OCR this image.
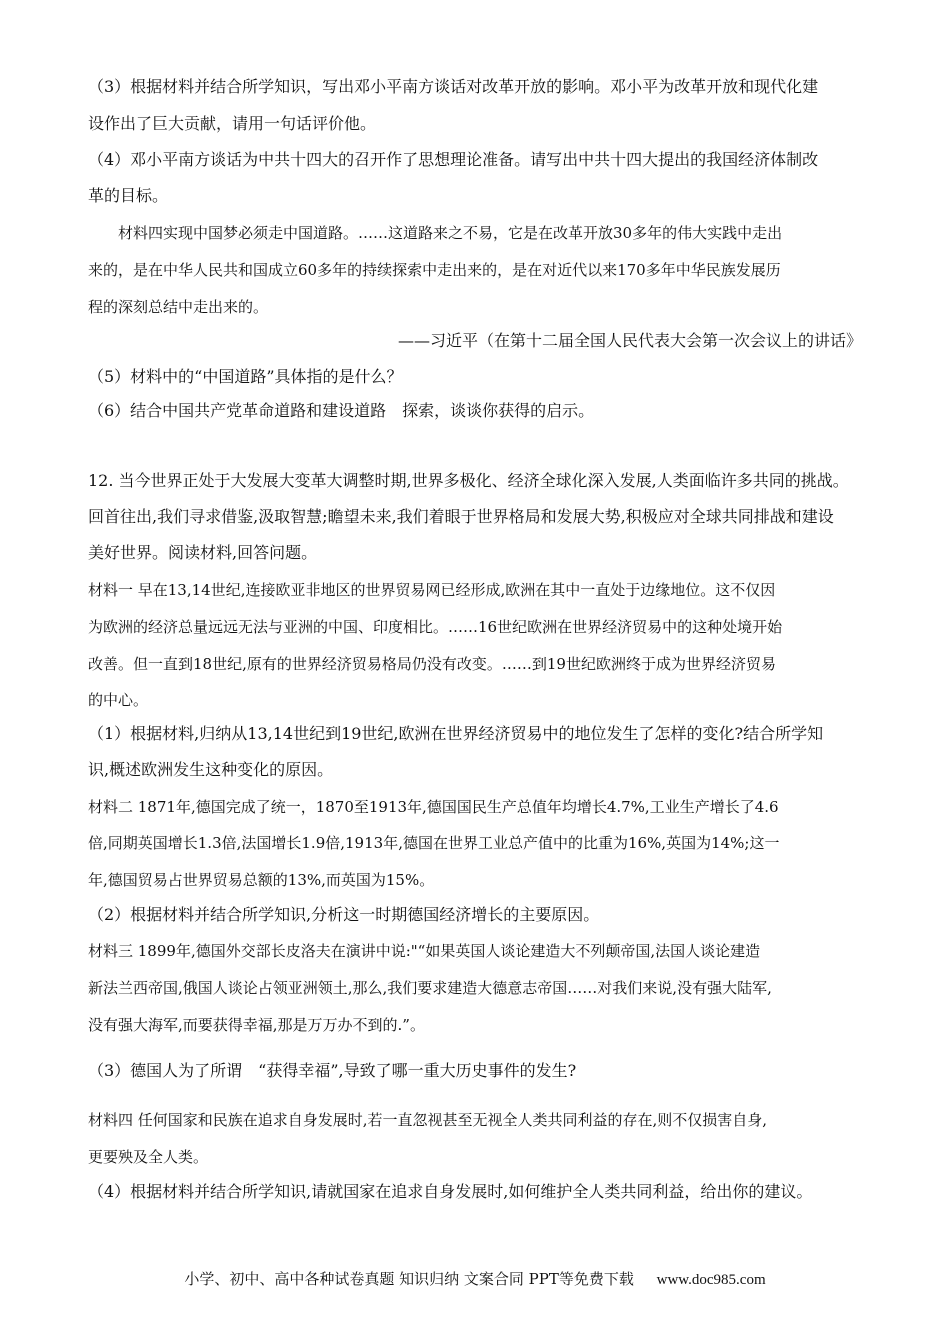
（3）根据材料并结合所学知识，写出邓小平南方谈话对改革开放的影响。邓小平为改革开放和现代化建
设作出了巨大贡献，请用一句话评价他。
（4）邓小平南方谈话为中共十四大的召开作了思想理论准备。请写出中共十四大提出的我国经济体制改
革的目标。
材料四实现中国梦必须走中国道路。……这道路来之不易，它是在改革开放30多年的伟大实践中走出
来的，是在中华人民共和国成立60多年的持续探索中走出来的，是在对近代以来170多年中华民族发展历
程的深刻总结中走出来的。
——习近平（在第十二届全国人民代表大会第一次会议上的讲话》
（5）材料中的“中国道路”具体指的是什么？
（6）结合中国共产党革命道路和建设道路　探索，谈谈你获得的启示。
12. 当今世界正处于大发展大变革大调整时期,世界多极化、经济全球化深入发展,人类面临许多共同的挑战。
回首往出,我们寻求借鉴,汲取智慧;瞻望未来,我们着眼于世界格局和发展大势,积极应对全球共同排战和建设
美好世界。阅读材料,回答问题。
材料一 早在13,14世纪,连接欧亚非地区的世界贸易网已经形成,欧洲在其中一直处于边缘地位。这不仅因
为欧洲的经济总量远远无法与亚洲的中国、印度相比。……16世纪欧洲在世界经济贸易中的这种处境开始
改善。但一直到18世纪,原有的世界经济贸易格局仍没有改变。……到19世纪欧洲终于成为世界经济贸易
的中心。
（1）根据材料,归纳从13,14世纪到19世纪,欧洲在世界经济贸易中的地位发生了怎样的变化?结合所学知
识,概述欧洲发生这种变化的原因。
材料二 1871年,德国完成了统一，1870至1913年,德国国民生产总值年均增长4.7%,工业生产增长了4.6
倍,同期英国增长1.3倍,法国增长1.9倍,1913年,德国在世界工业总产值中的比重为16%,英国为14%;这一
年,德国贸易占世界贸易总额的13%,而英国为15%。
（2）根据材料并结合所学知识,分析这一时期德国经济增长的主要原因。
材料三 1899年,德国外交部长皮洛夫在演讲中说:"“如果英国人谈论建造大不列颠帝国,法国人谈论建造
新法兰西帝国,俄国人谈论占领亚洲领土,那么,我们要求建造大德意志帝国……对我们来说,没有强大陆军,
没有强大海军,而要获得幸福,那是万万办不到的.”。
（3）德国人为了所谓　“获得幸福”,导致了哪一重大历史事件的发生?
材料四 任何国家和民族在追求自身发展时,若一直忽视甚至无视全人类共同利益的存在,则不仅损害自身,
更要殃及全人类。
（4）根据材料并结合所学知识,请就国家在追求自身发展时,如何维护全人类共同利益，给出你的建议。
小学、初中、高中各种试卷真题 知识归纳 文案合同 PPT等免费下载 www.doc985.com
